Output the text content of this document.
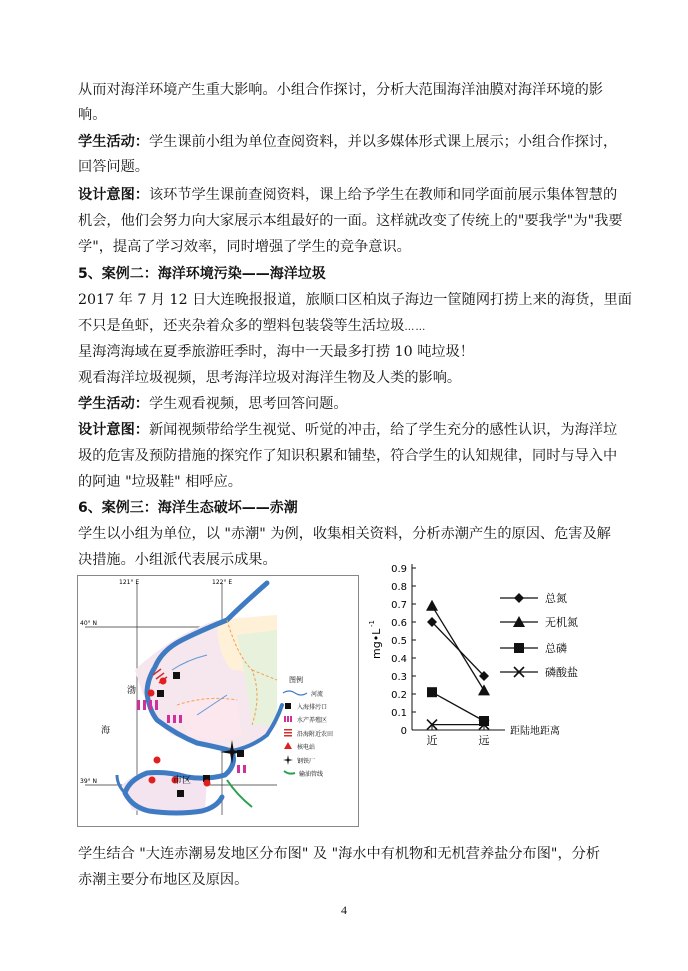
从而对海洋环境产生重大影响。小组合作探讨，分析大范围海洋油膜对海洋环境的影
响。
学生活动：学生课前小组为单位查阅资料，并以多媒体形式课上展示；小组合作探讨，
回答问题。
设计意图：该环节学生课前查阅资料，课上给予学生在教师和同学面前展示集体智慧的
机会，他们会努力向大家展示本组最好的一面。这样就改变了传统上的"要我学"为"我要
学"，提高了学习效率，同时增强了学生的竞争意识。
5、案例二：海洋环境污染——海洋垃圾
2017 年 7 月 12 日大连晚报报道，旅顺口区柏岚子海边一筐随网打捞上来的海货，里面
不只是鱼虾，还夹杂着众多的塑料包装袋等生活垃圾……
星海湾海域在夏季旅游旺季时，海中一天最多打捞 10 吨垃圾！
观看海洋垃圾视频，思考海洋垃圾对海洋生物及人类的影响。
学生活动：学生观看视频，思考回答问题。
设计意图：新闻视频带给学生视觉、听觉的冲击，给了学生充分的感性认识，为海洋垃
圾的危害及预防措施的探究作了知识积累和铺垫，符合学生的认知规律，同时与导入中
的阿迪 "垃圾鞋" 相呼应。
6、案例三：海洋生态破坏——赤潮
学生以小组为单位，以 "赤潮" 为例，收集相关资料，分析赤潮产生的原因、危害及解
决措施。小组派代表展示成果。
121° E	122° E
40° N
39° N
渤
海
市区
图例
河流
入海排污口
水产养殖区
沿海附近农田
核电站
钢铁厂
输油管线
0
0.1
0.2
0.3
0.4
0.5
0.6
0.7
0.8
0.9
近	远
距陆地距离
mg•L
-1
总氮
无机氮
总磷
磷酸盐
学生结合 "大连赤潮易发地区分布图" 及 "海水中有机物和无机营养盐分布图"，分析
赤潮主要分布地区及原因。
4
